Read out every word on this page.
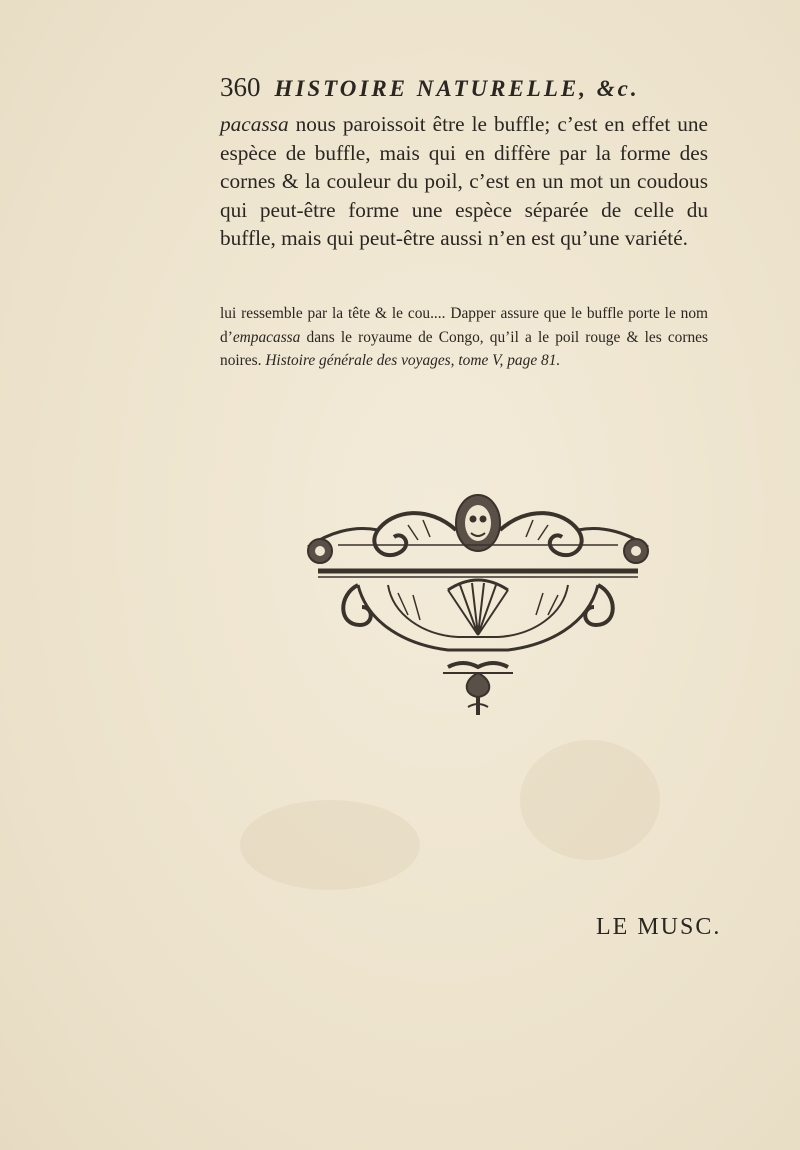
360 HISTOIRE NATURELLE, &c.

pacassa nous paroissoit être le buffle; c’est en effet une espèce de buffle, mais qui en diffère par la forme des cornes & la couleur du poil, c’est en un mot un coudous qui peut-être forme une espèce séparée de celle du buffle, mais qui peut-être aussi n’en est qu’une variété.

lui ressemble par la tête & le cou.... Dapper assure que le buffle porte le nom d’empacassa dans le royaume de Congo, qu’il a le poil rouge & les cornes noires. Histoire générale des voyages, tome V, page 81.

LE MUSC.
